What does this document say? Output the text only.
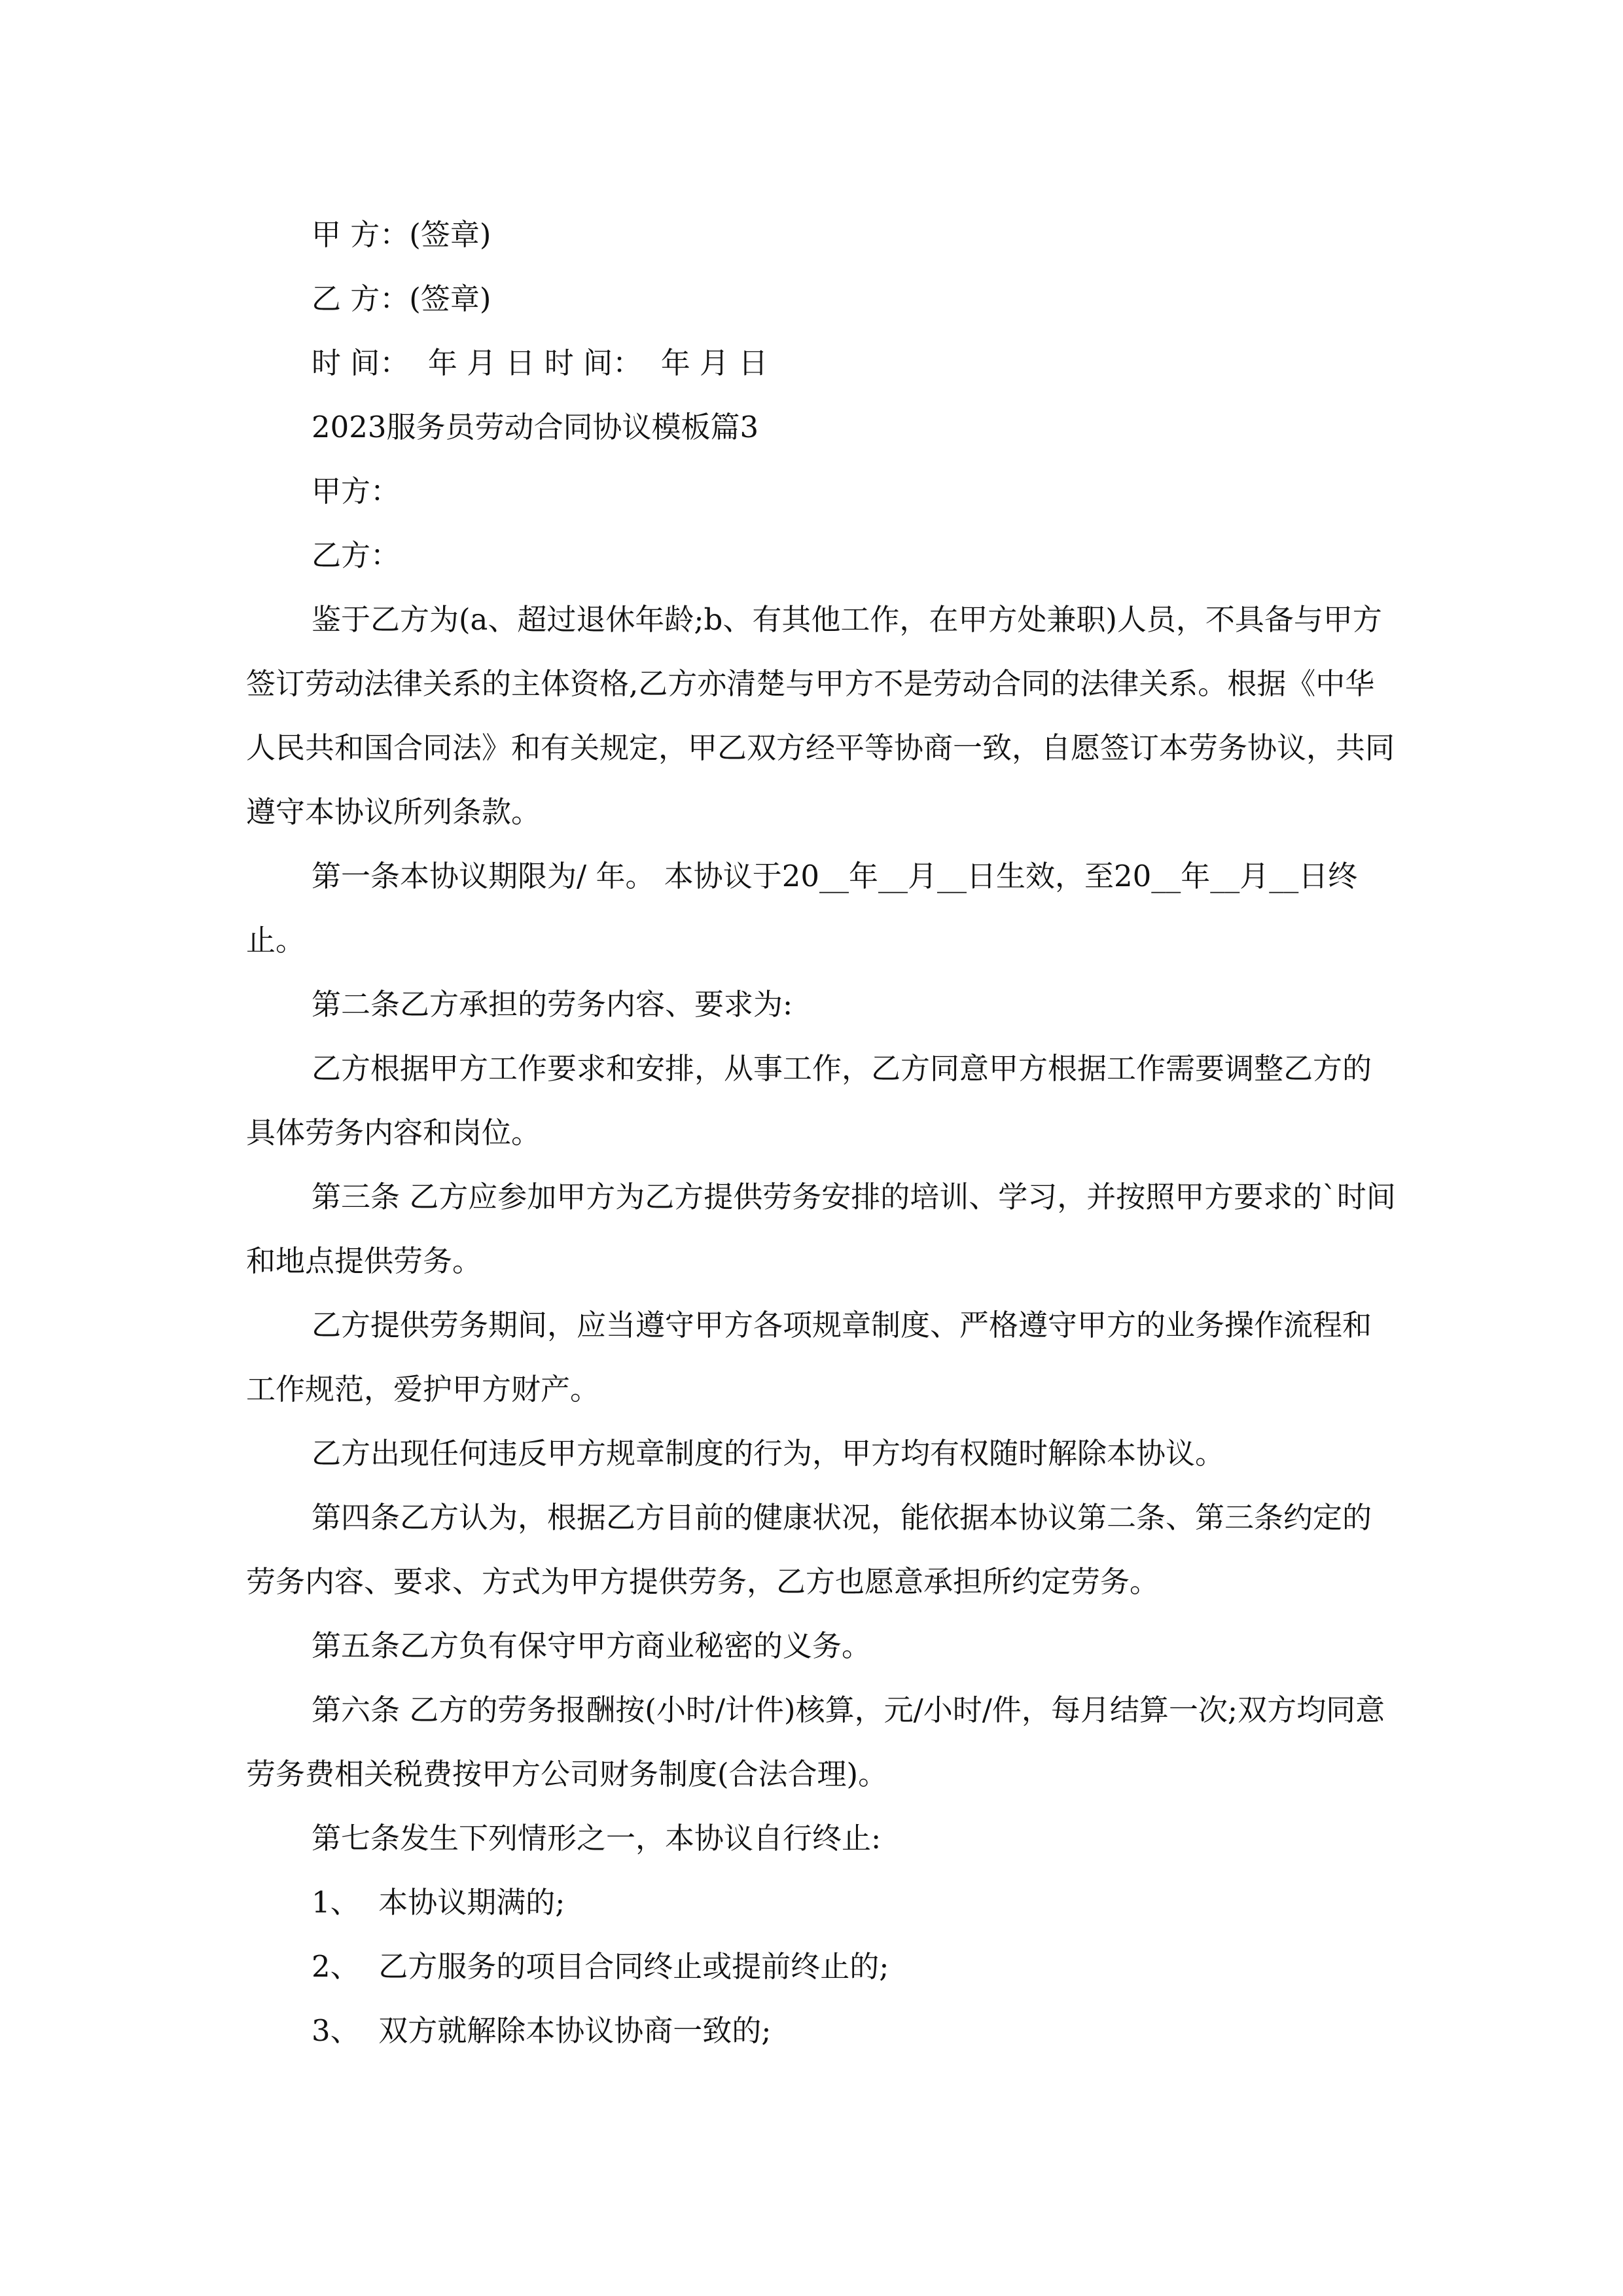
甲 方：(签章)

乙 方：(签章)

时 间：  年 月 日 时 间：  年 月 日

2023服务员劳动合同协议模板篇3

甲方：

乙方：

鉴于乙方为(a、超过退休年龄;b、有其他工作，在甲方处兼职)人员，不具备与甲方签订劳动法律关系的主体资格,乙方亦清楚与甲方不是劳动合同的法律关系。根据《中华人民共和国合同法》和有关规定，甲乙双方经平等协商一致，自愿签订本劳务协议，共同遵守本协议所列条款。

第一条本协议期限为/ 年。 本协议于20__年__月__日生效，至20__年__月__日终止。

第二条乙方承担的劳务内容、要求为:

乙方根据甲方工作要求和安排，从事工作，乙方同意甲方根据工作需要调整乙方的具体劳务内容和岗位。

第三条 乙方应参加甲方为乙方提供劳务安排的培训、学习，并按照甲方要求的`时间和地点提供劳务。

乙方提供劳务期间，应当遵守甲方各项规章制度、严格遵守甲方的业务操作流程和工作规范，爱护甲方财产。

乙方出现任何违反甲方规章制度的行为，甲方均有权随时解除本协议。

第四条乙方认为，根据乙方目前的健康状况，能依据本协议第二条、第三条约定的劳务内容、要求、方式为甲方提供劳务，乙方也愿意承担所约定劳务。

第五条乙方负有保守甲方商业秘密的义务。

第六条 乙方的劳务报酬按(小时/计件)核算，元/小时/件，每月结算一次;双方均同意劳务费相关税费按甲方公司财务制度(合法合理)。

第七条发生下列情形之一，本协议自行终止:

1、  本协议期满的;

2、  乙方服务的项目合同终止或提前终止的;

3、  双方就解除本协议协商一致的;
